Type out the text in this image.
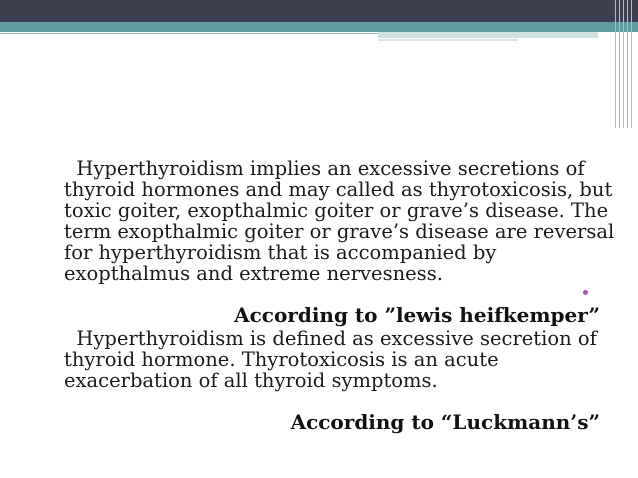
Hyperthyroidism implies an excessive secretions of
thyroid hormones and may called as thyrotoxicosis, but
toxic goiter, exopthalmic goiter or grave’s disease. The
term exopthalmic goiter or grave’s disease are reversal
for hyperthyroidism that is accompanied by
exopthalmus and extreme nervesness.

According to ”lewis heifkemper”

Hyperthyroidism is defined as excessive secretion of
thyroid hormone. Thyrotoxicosis is an acute
exacerbation of all thyroid symptoms.

According to “Luckmann’s”
